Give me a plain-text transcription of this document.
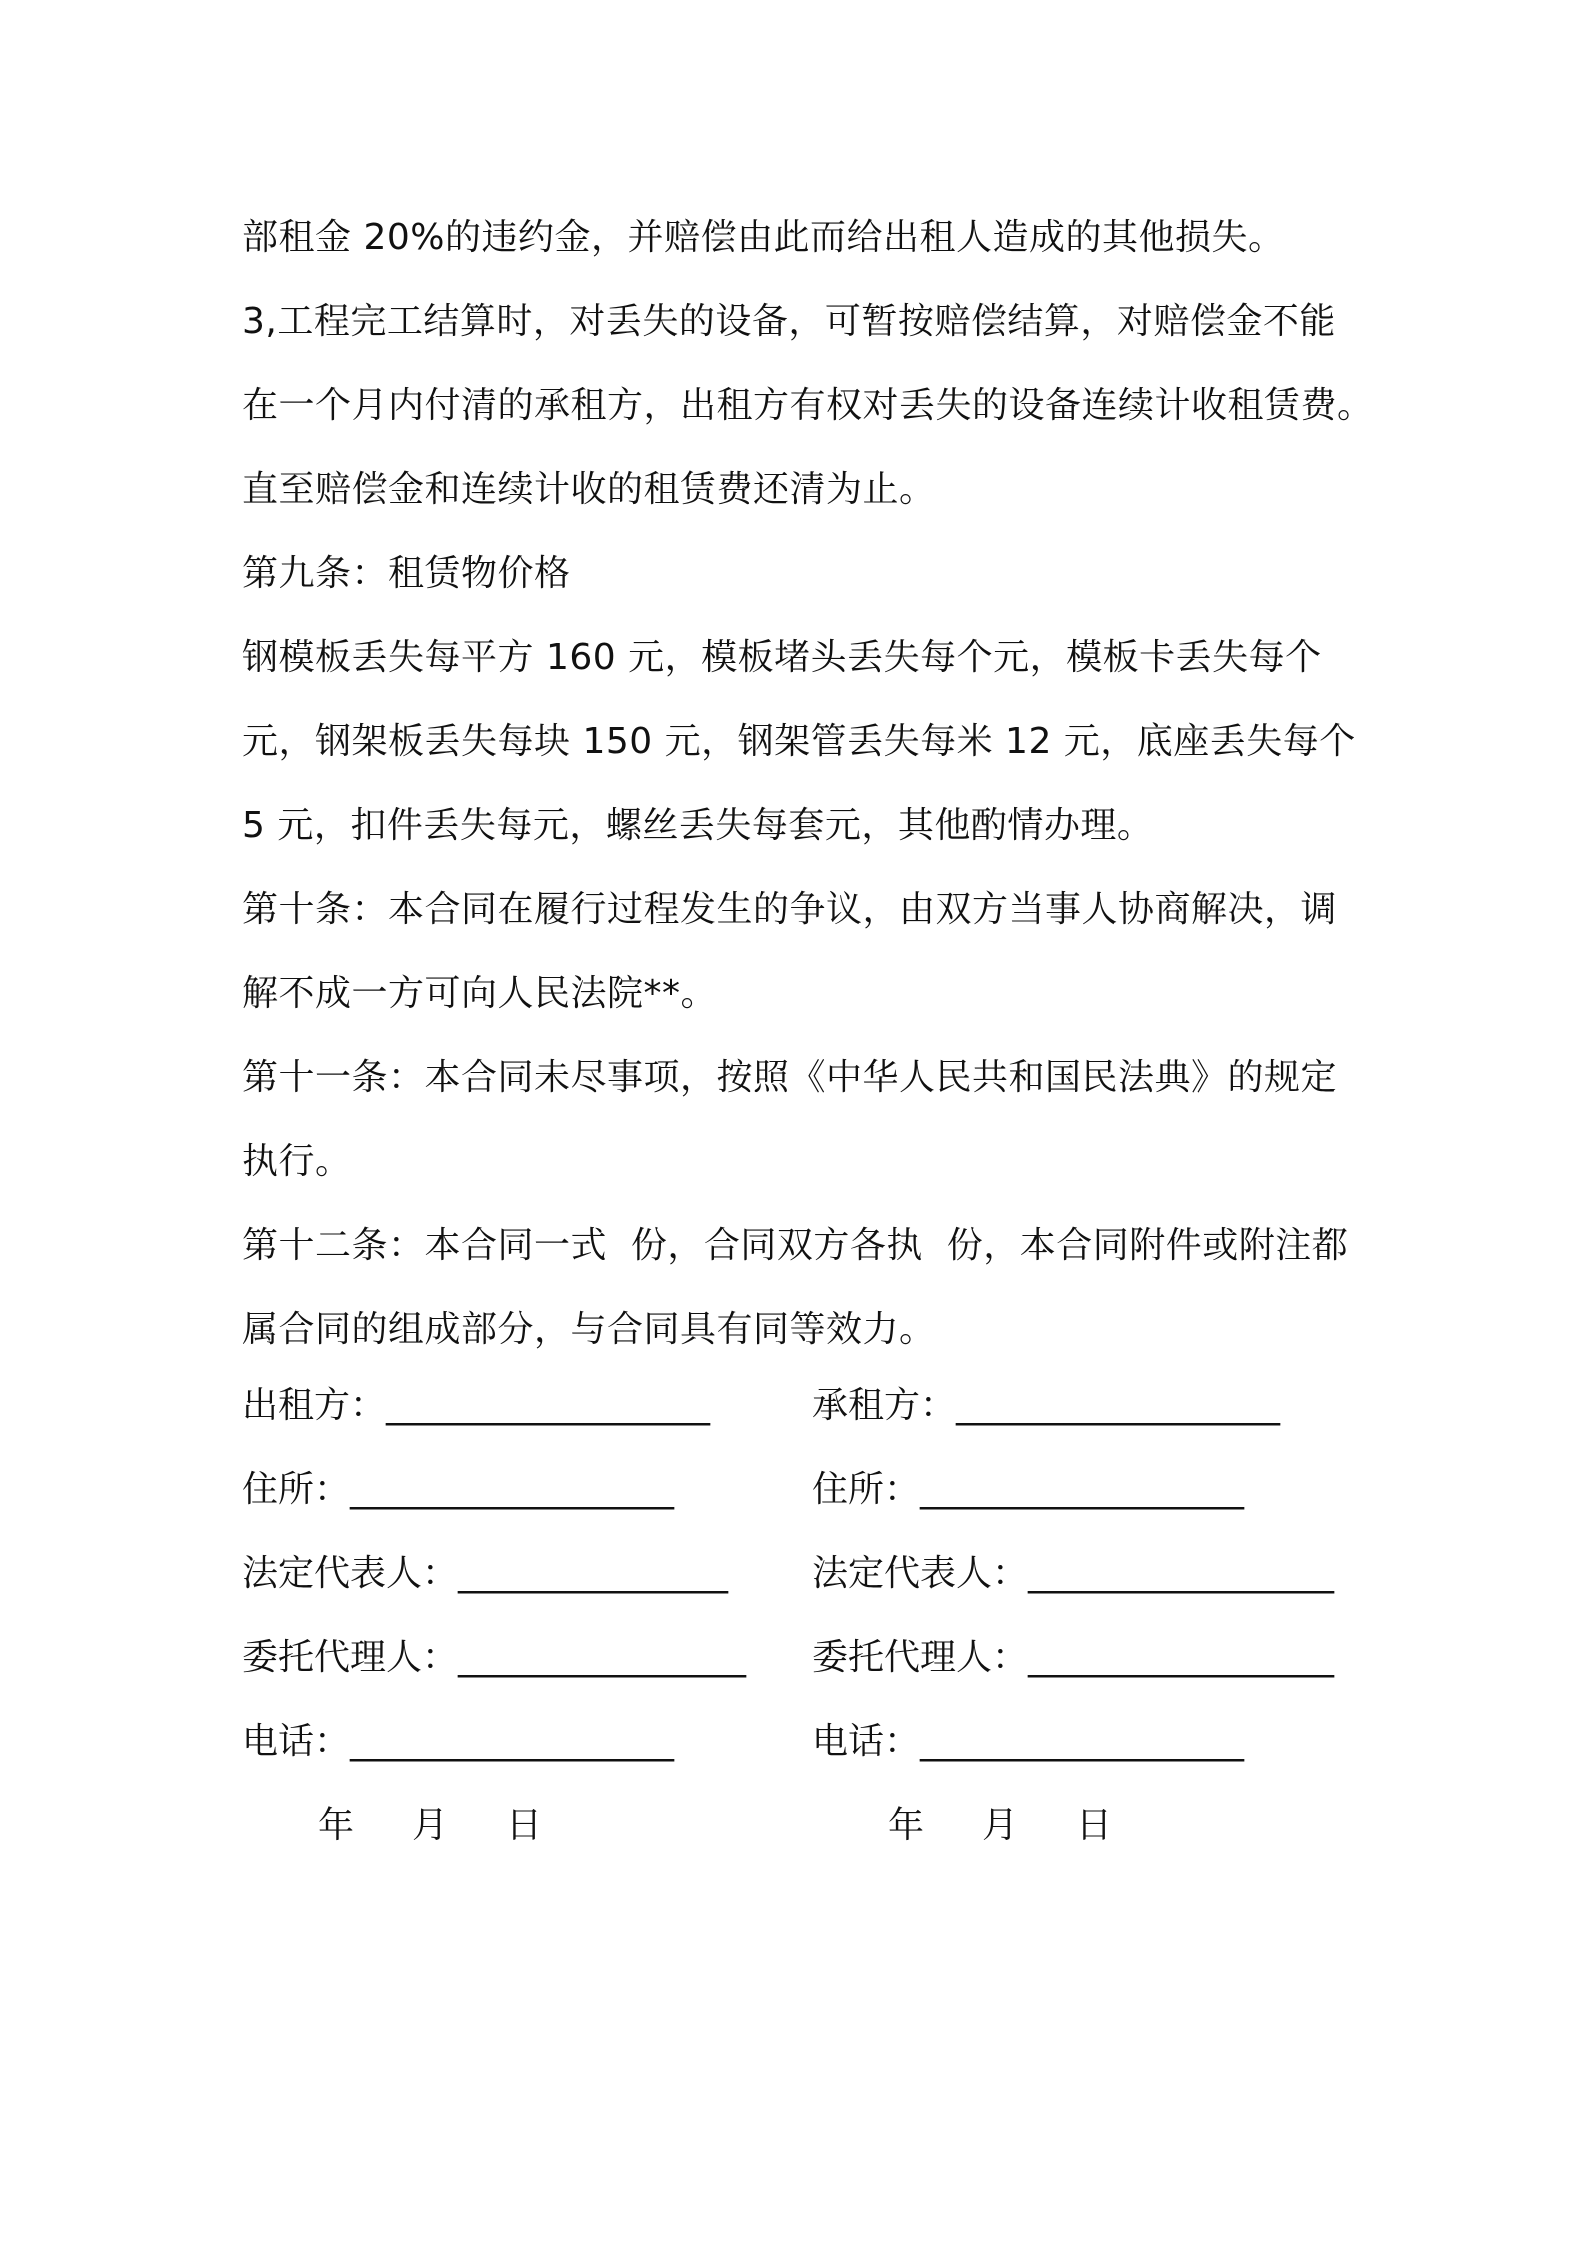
部租金 20%的违约金，并赔偿由此而给出租人造成的其他损失。
3,工程完工结算时，对丢失的设备，可暂按赔偿结算，对赔偿金不能
在一个月内付清的承租方，出租方有权对丢失的设备连续计收租赁费。
直至赔偿金和连续计收的租赁费还清为止。
第九条：租赁物价格
钢模板丢失每平方 160 元，模板堵头丢失每个元，模板卡丢失每个
元，钢架板丢失每块 150 元，钢架管丢失每米 12 元，底座丢失每个
5 元，扣件丢失每元，螺丝丢失每套元，其他酌情办理。
第十条：本合同在履行过程发生的争议，由双方当事人协商解决，调
解不成一方可向人民法院**。
第十一条：本合同未尽事项，按照《中华人民共和国民法典》的规定
执行。
第十二条：本合同一式  份，合同双方各执  份，本合同附件或附注都
属合同的组成部分，与合同具有同等效力。
出租方：__________________	承租方：__________________
住所：__________________	住所：__________________
法定代表人：_______________ 法定代表人：_________________
委托代理人：________________ 委托代理人：_________________
电话：__________________	电话：__________________
年 月 日	年 月 日
